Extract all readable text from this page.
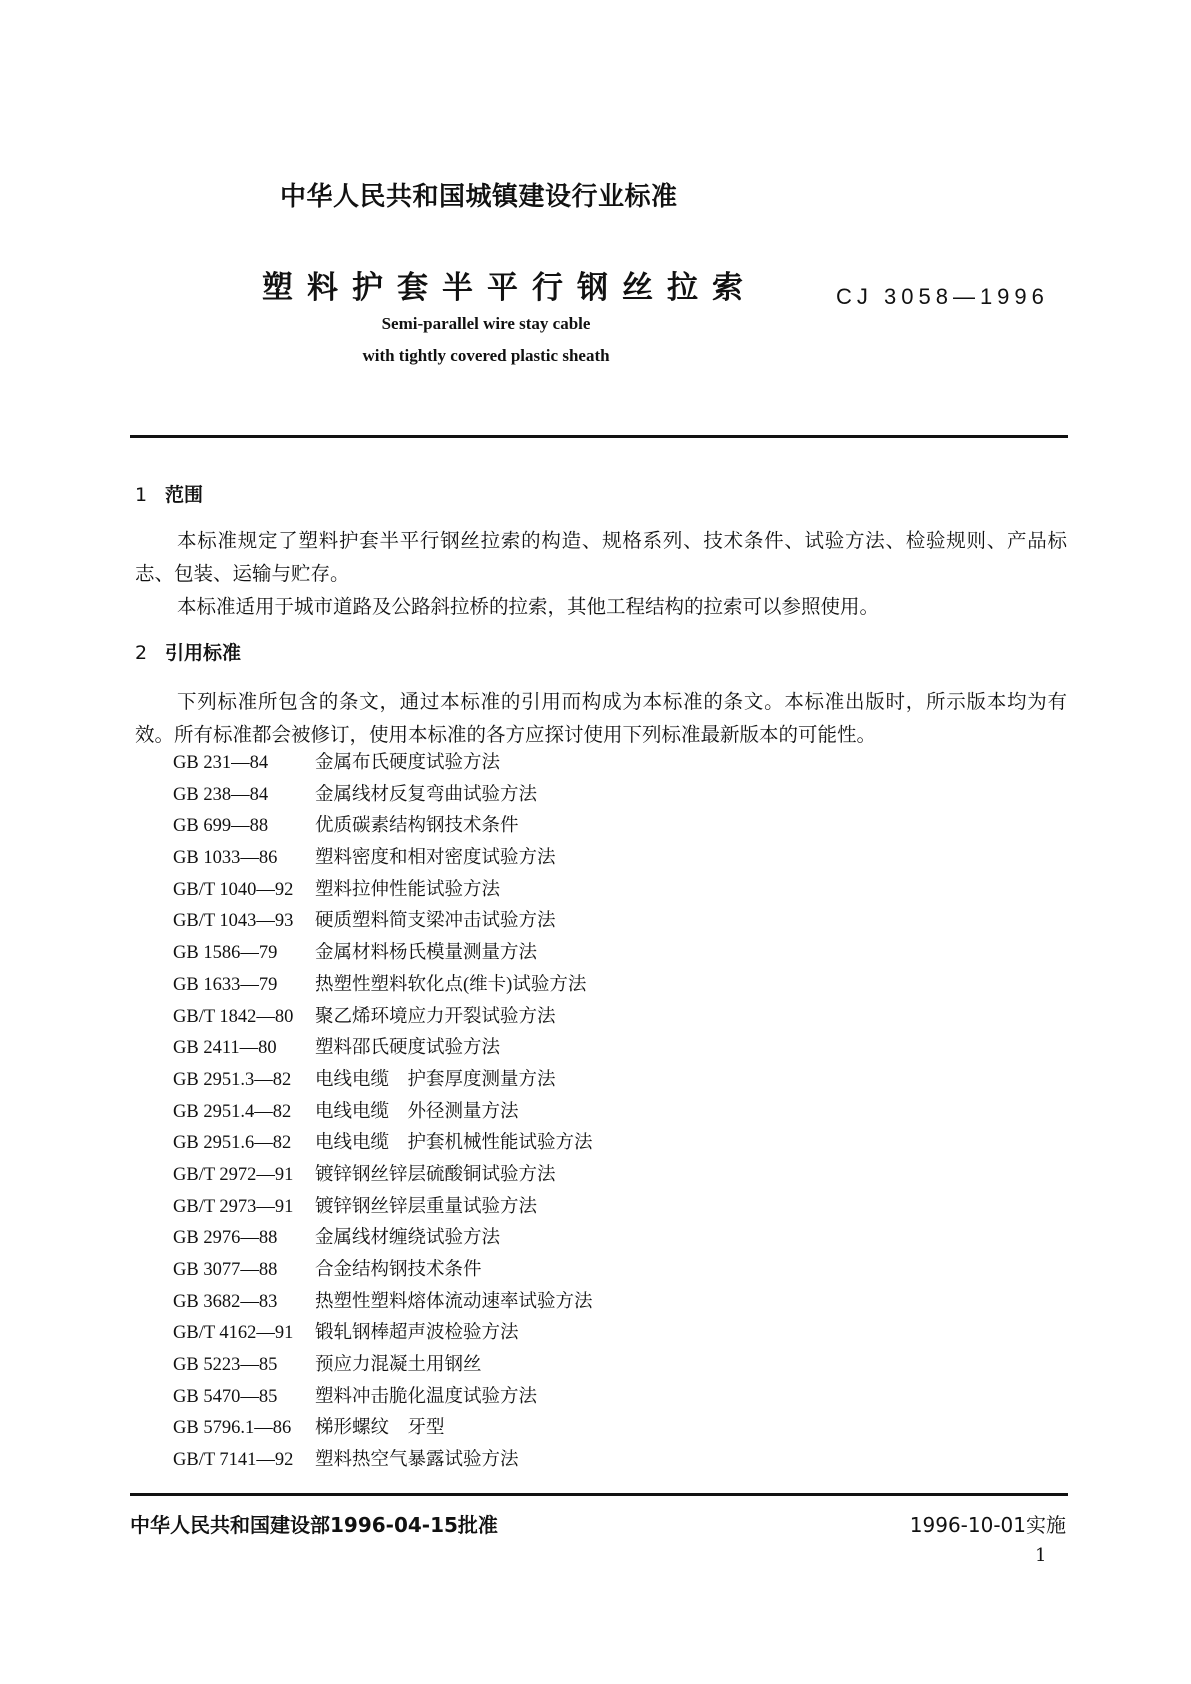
中华人民共和国城镇建设行业标准
塑料护套半平行钢丝拉索	CJ 3058—1996
Semi-parallel wire stay cable
with tightly covered plastic sheath
1 范围
本标准规定了塑料护套半平行钢丝拉索的构造、规格系列、技术条件、试验方法、检验规则、产品标志、包装、运输与贮存。
本标准适用于城市道路及公路斜拉桥的拉索，其他工程结构的拉索可以参照使用。
2 引用标准
下列标准所包含的条文，通过本标准的引用而构成为本标准的条文。本标准出版时，所示版本均为有效。所有标准都会被修订，使用本标准的各方应探讨使用下列标准最新版本的可能性。
GB 231—84	金属布氏硬度试验方法
GB 238—84	金属线材反复弯曲试验方法
GB 699—88	优质碳素结构钢技术条件
GB 1033—86 塑料密度和相对密度试验方法
GB/T 1040—92 塑料拉伸性能试验方法
GB/T 1043—93 硬质塑料简支梁冲击试验方法
GB 1586—79 金属材料杨氏模量测量方法
GB 1633—79 热塑性塑料软化点(维卡)试验方法
GB/T 1842—80 聚乙烯环境应力开裂试验方法
GB 2411—80 塑料邵氏硬度试验方法
GB 2951.3—82 电线电缆　护套厚度测量方法
GB 2951.4—82 电线电缆　外径测量方法
GB 2951.6—82 电线电缆　护套机械性能试验方法
GB/T 2972—91 镀锌钢丝锌层硫酸铜试验方法
GB/T 2973—91 镀锌钢丝锌层重量试验方法
GB 2976—88 金属线材缠绕试验方法
GB 3077—88 合金结构钢技术条件
GB 3682—83 热塑性塑料熔体流动速率试验方法
GB/T 4162—91 锻轧钢棒超声波检验方法
GB 5223—85 预应力混凝土用钢丝
GB 5470—85 塑料冲击脆化温度试验方法
GB 5796.1—86 梯形螺纹　牙型
GB/T 7141—92 塑料热空气暴露试验方法
中华人民共和国建设部1996-04-15批准	1996-10-01实施
1
